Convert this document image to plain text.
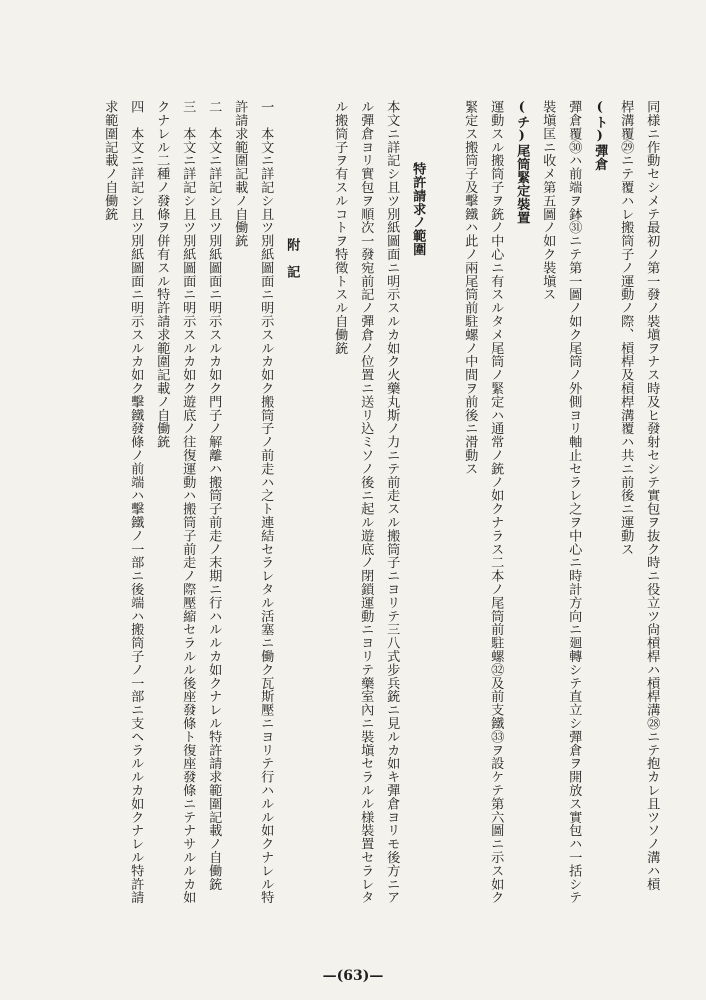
同様ニ作動セシメテ最初ノ第一發ノ裝塡ヲナス時及ヒ發射セシテ實包ヲ抜ク時ニ役立ツ尙槓桿ハ槓桿溝㉘ニテ抱カレ且ツソノ溝ハ槓
桿溝覆㉙ニテ覆ハレ搬筒子ノ運動ノ際、槓桿及槓桿溝覆ハ共ニ前後ニ運動ス
(ト)彈倉
彈倉覆㉚ハ前端ヲ鉢㉛ニテ第一圖ノ如ク尾筒ノ外側ヨリ軸止セラレ之ヲ中心ニ時計方向ニ廻轉シテ直立シ彈倉ヲ開放ス實包ハ一括シテ
裝塡匡ニ收メ第五圖ノ如ク裝塡ス
(チ)尾筒緊定裝置
運動スル搬筒子ヲ銃ノ中心ニ有スルタメ尾筒ノ緊定ハ通常ノ銃ノ如クナラス二本ノ尾筒前駐螺㉜及前支鐵㉝ヲ設ケテ第六圖ニ示ス如ク
緊定ス搬筒子及擊鐵ハ此ノ兩尾筒前駐螺ノ中間ヲ前後ニ滑動ス
特許請求ノ範圍
本文ニ詳記シ且ツ別紙圖面ニ明示スルカ如ク火藥丸斯ノ力ニテ前走スル搬筒子ニヨリテ三八式步兵銃ニ見ルカ如キ彈倉ヨリモ後方ニア
ル彈倉ヨリ實包ヲ順次一發宛前記ノ彈倉ノ位置ニ送リ込ミソノ後ニ起ル遊底ノ閉鎖運動ニヨリテ藥室內ニ裝塡セラルル様裝置セラレタ
ル搬筒子ヲ有スルコトヲ特徵トスル自働銃
附　記
一　本文ニ詳記シ且ツ別紙圖面ニ明示スルカ如ク搬筒子ノ前走ハ之ト連結セラレタル活塞ニ働ク瓦斯壓ニヨリテ行ハルル如クナレル特
許請求範圍記載ノ自働銃
二　本文ニ詳記シ且ツ別紙圖面ニ明示スルカ如ク門子ノ解離ハ搬筒子前走ノ末期ニ行ハルルカ如クナレル特許請求範圍記載ノ自働銃
三　本文ニ詳記シ且ツ別紙圖面ニ明示スルカ如ク遊底ノ往復運動ハ搬筒子前走ノ際壓縮セラルル後座發條ト復座發條ニテナサルルカ如
クナレル二種ノ發條ヲ併有スル特許請求範圍記載ノ自働銃
四　本文ニ詳記シ且ツ別紙圖面ニ明示スルカ如ク擊鐵發條ノ前端ハ擊鐵ノ一部ニ後端ハ搬筒子ノ一部ニ支ヘラルルカ如クナレル特許請
求範圍記載ノ自働銃
—(63)—
